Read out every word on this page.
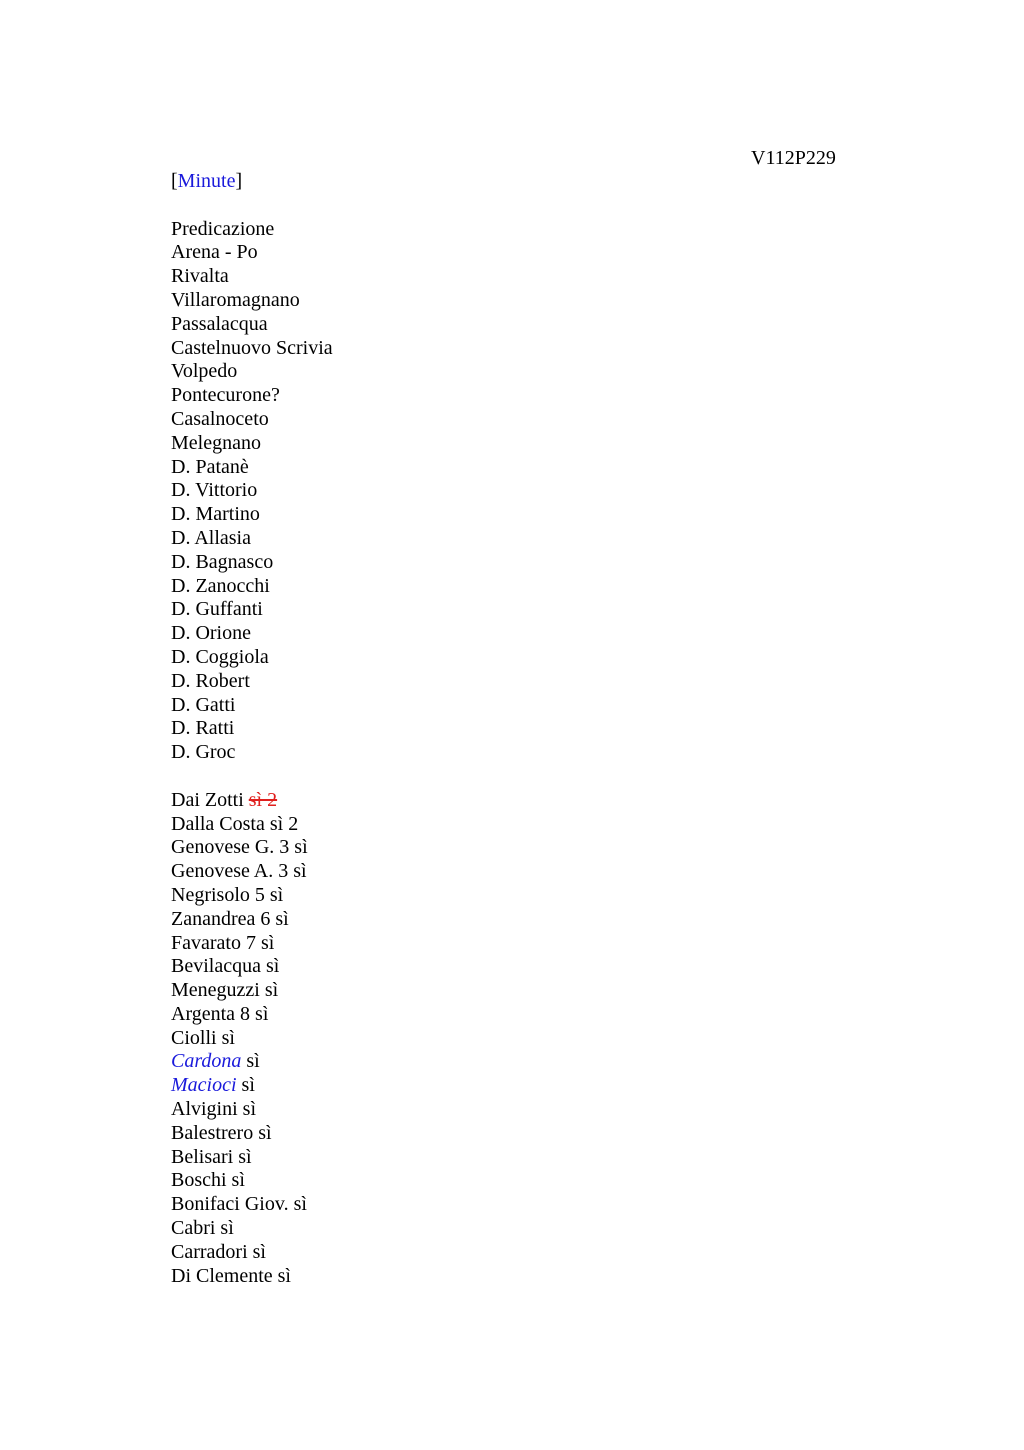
V112P229
[Minute]
Predicazione
Arena - Po
Rivalta
Villaromagnano
Passalacqua
Castelnuovo Scrivia
Volpedo
Pontecurone?
Casalnoceto
Melegnano
D. Patanè
D. Vittorio
D. Martino
D. Allasia
D. Bagnasco
D. Zanocchi
D. Guffanti
D. Orione
D. Coggiola
D. Robert
D. Gatti
D. Ratti
D. Groc
Dai Zotti sì 2
Dalla Costa sì 2
Genovese G. 3 sì
Genovese A. 3 sì
Negrisolo 5 sì
Zanandrea 6 sì
Favarato 7 sì
Bevilacqua sì
Meneguzzi sì
Argenta 8 sì
Ciolli sì
Cardona sì
Macioci sì
Alvigini sì
Balestrero sì
Belisari sì
Boschi sì
Bonifaci Giov. sì
Cabri sì
Carradori sì
Di Clemente sì
